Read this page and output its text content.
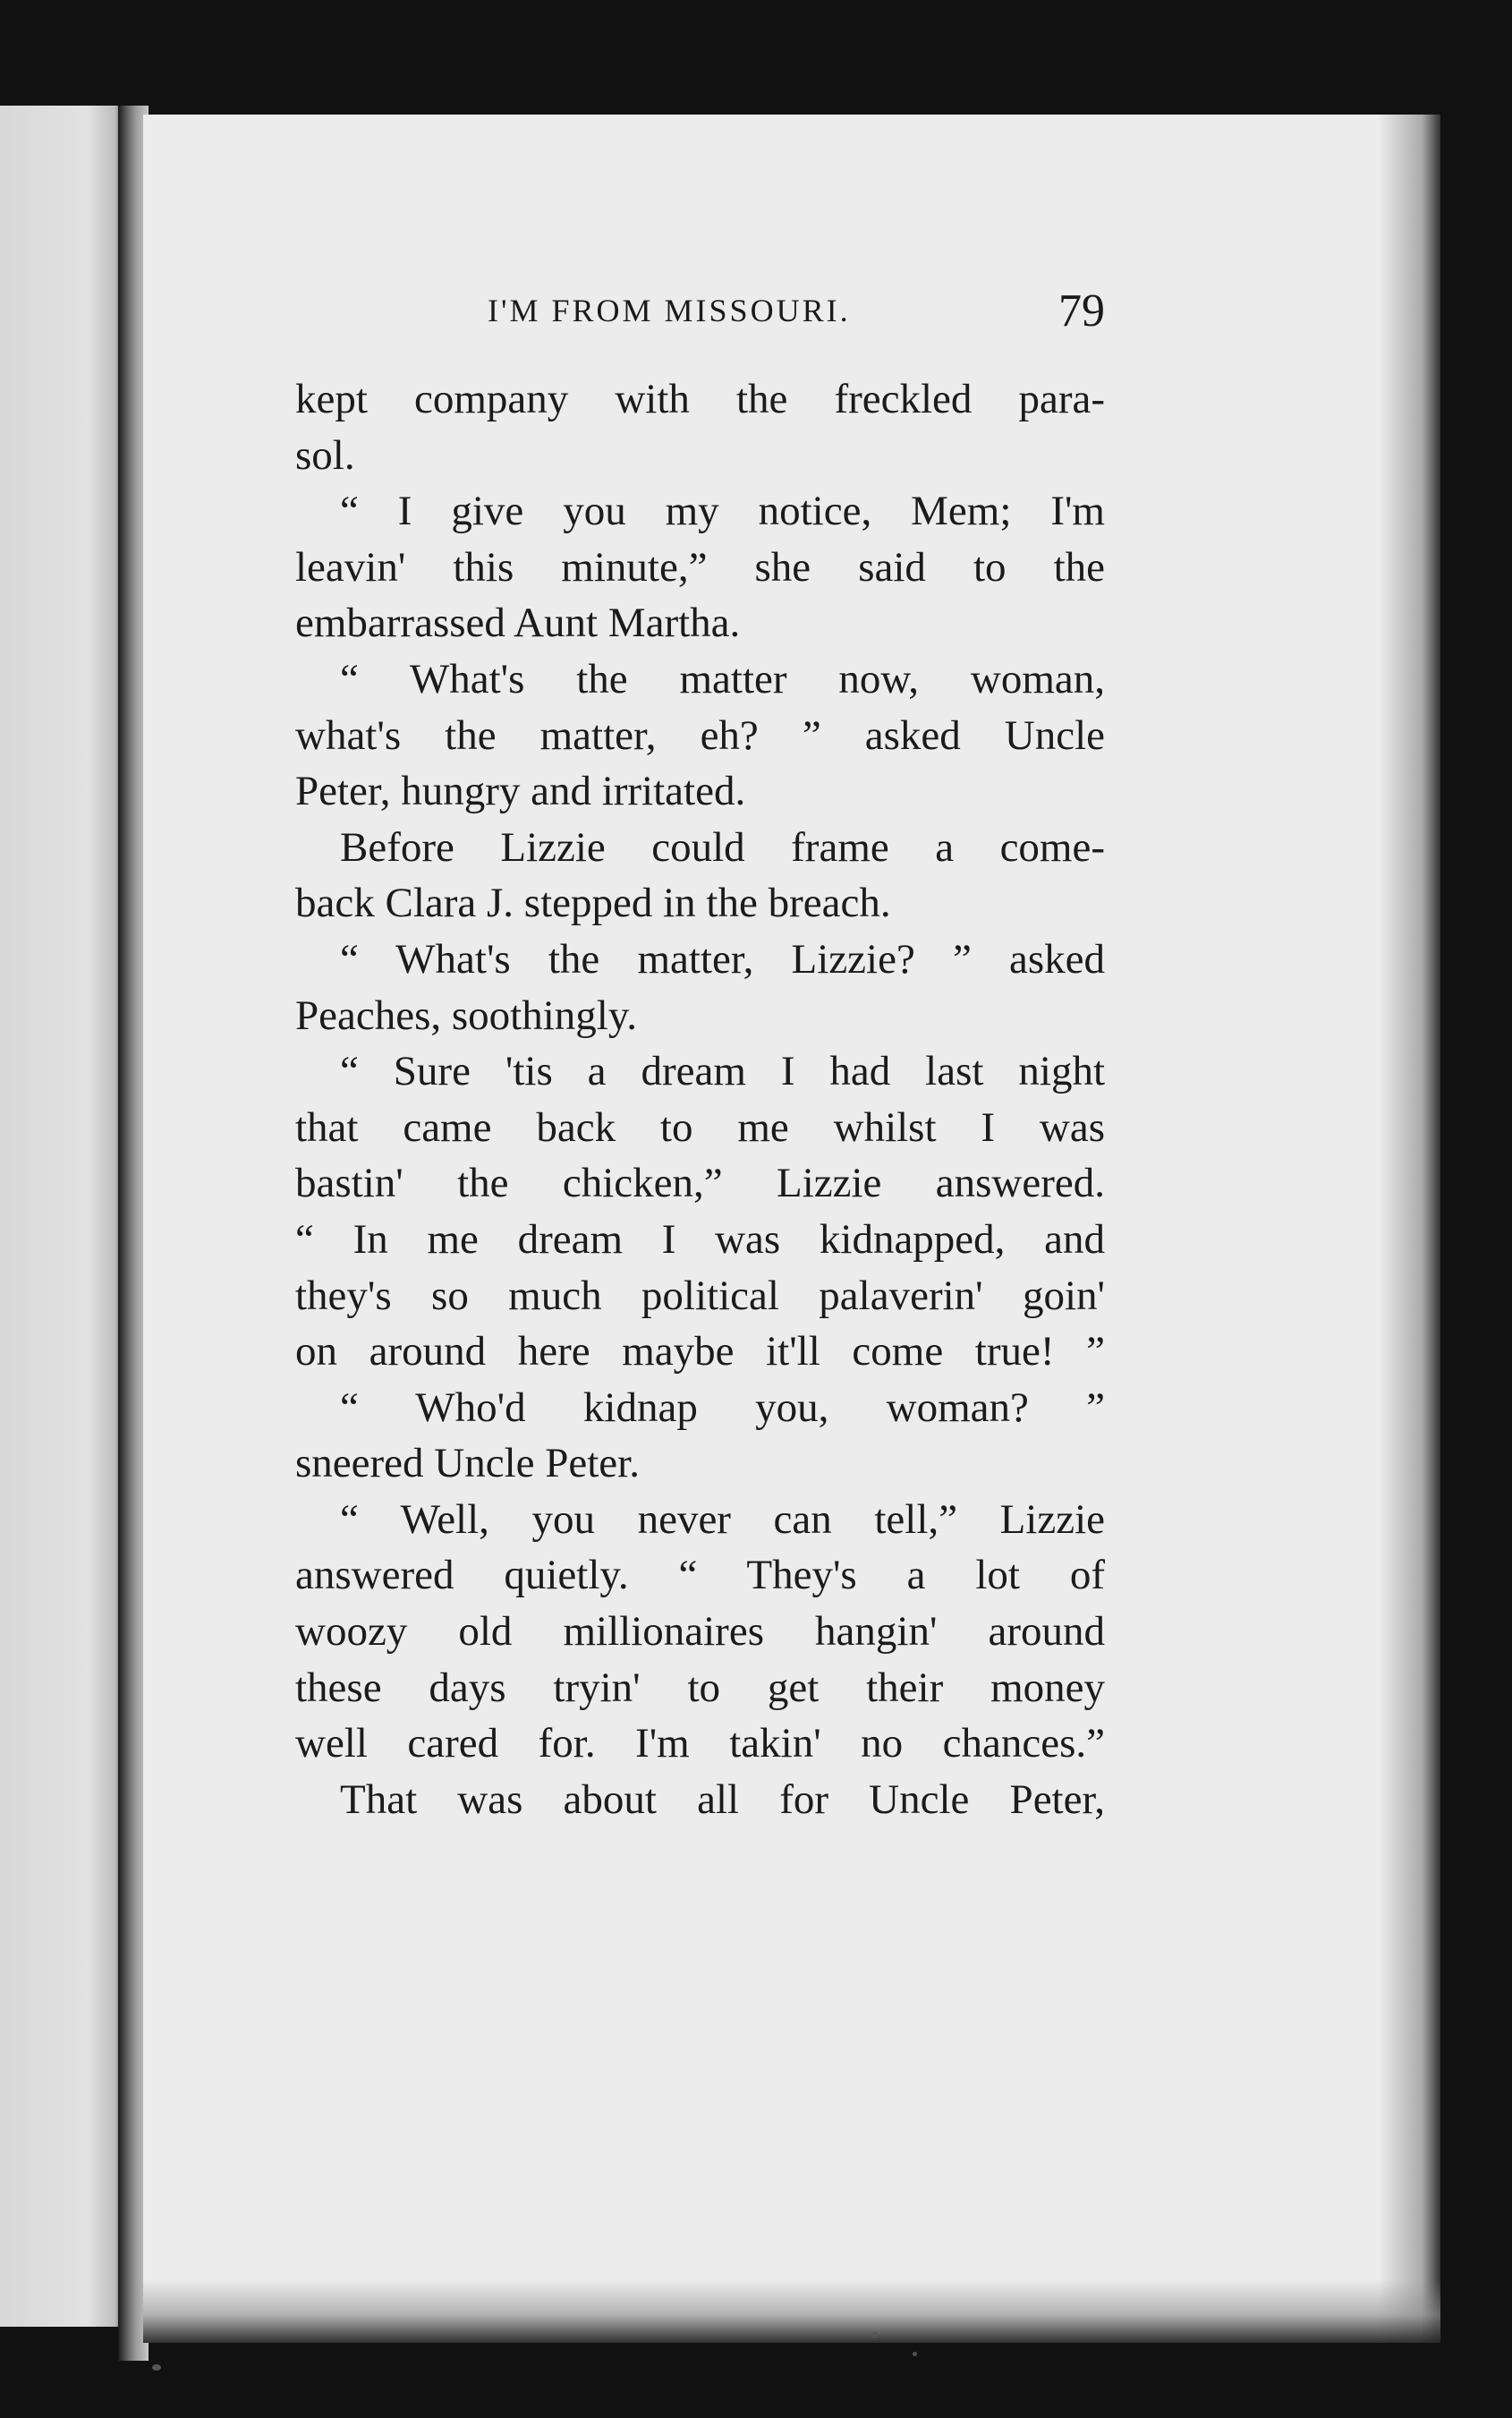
I'M FROM MISSOURI.	79
kept company with the freckled para-
sol.
“ I give you my notice, Mem; I'm
leavin' this minute,” she said to the
embarrassed Aunt Martha.
“ What's the matter now, woman,
what's the matter, eh? ” asked Uncle
Peter, hungry and irritated.
Before Lizzie could frame a come-
back Clara J. stepped in the breach.
“ What's the matter, Lizzie? ” asked
Peaches, soothingly.
“ Sure 'tis a dream I had last night
that came back to me whilst I was
bastin' the chicken,” Lizzie answered.
“ In me dream I was kidnapped, and
they's so much political palaverin' goin'
on around here maybe it'll come true! ”
“ Who'd kidnap you, woman? ”
sneered Uncle Peter.
“ Well, you never can tell,” Lizzie
answered quietly. “ They's a lot of
woozy old millionaires hangin' around
these days tryin' to get their money
well cared for. I'm takin' no chances.”
That was about all for Uncle Peter,
